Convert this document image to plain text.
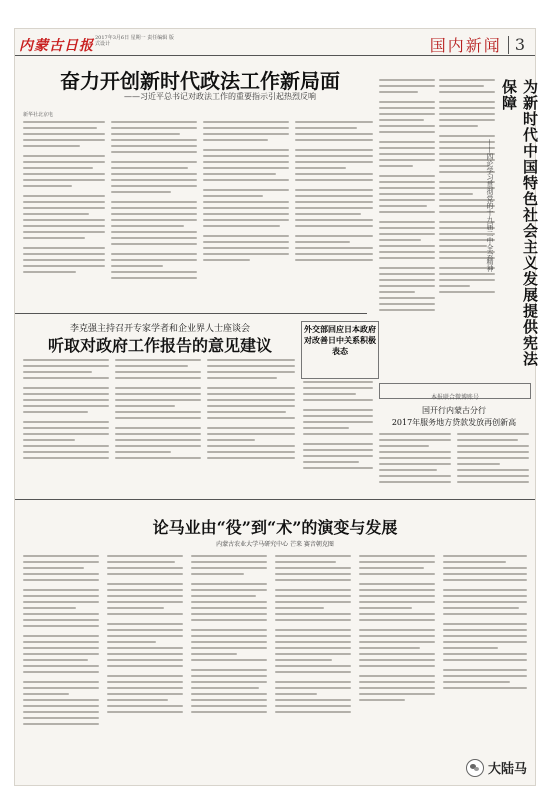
内蒙古日报 2017年3月6日 星期一 责任编辑 版式设计	国内新闻 3
奋力开创新时代政法工作新局面
——习近平总书记对政法工作的重要指示引起热烈反响
新华社北京电	为新时代中国特色社会主义发展提供宪法保障
——四论学习贯彻党的十九届二中全会精神
李克强主持召开专家学者和企业界人士座谈会
听取对政府工作报告的意见建议
外交部回应日本政府对改善日中关系积极表态
本报联合微博账号
国开行内蒙古分行
2017年服务地方贷款发放再创新高
论马业由“役”到“术”的演变与发展
内蒙古农业大学马研究中心 芒来 赛音朝克图
大陆马
